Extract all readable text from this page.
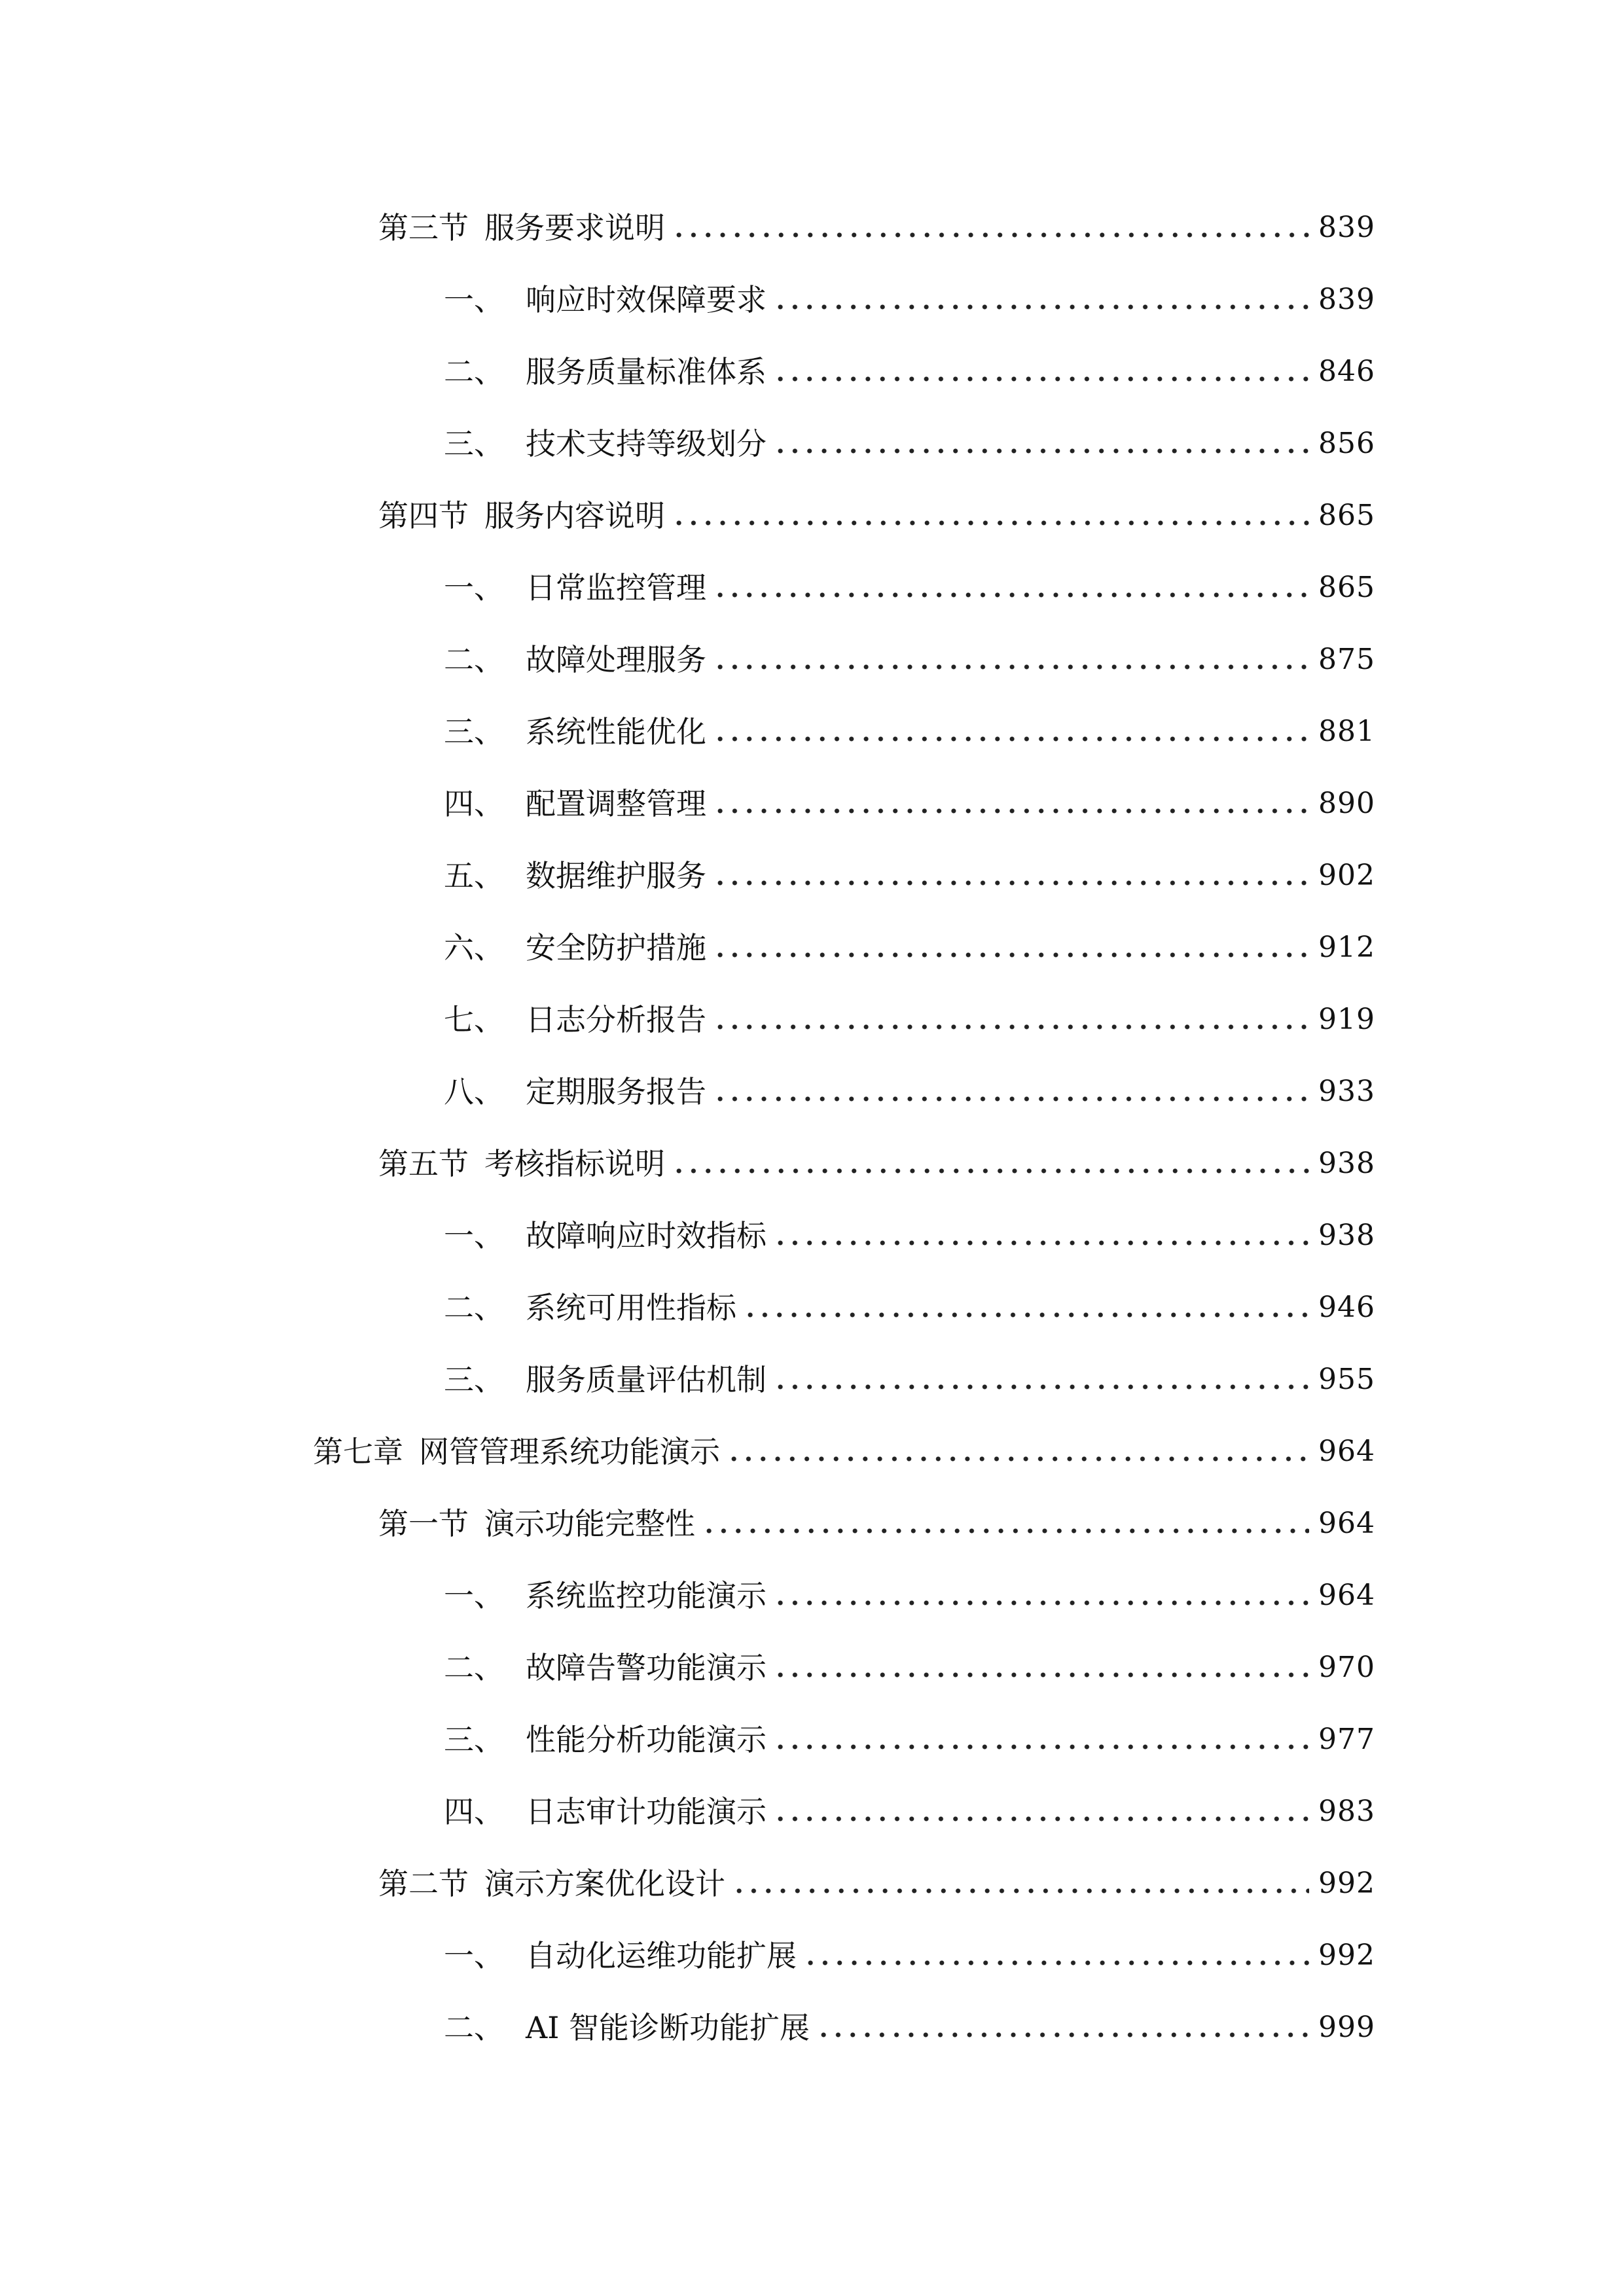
第三节 服务要求说明	839
一、 响应时效保障要求	839
二、 服务质量标准体系	846
三、 技术支持等级划分	856
第四节 服务内容说明	865
一、 日常监控管理	865
二、 故障处理服务	875
三、 系统性能优化	881
四、 配置调整管理	890
五、 数据维护服务	902
六、 安全防护措施	912
七、 日志分析报告	919
八、 定期服务报告	933
第五节 考核指标说明	938
一、 故障响应时效指标	938
二、 系统可用性指标	946
三、 服务质量评估机制	955
第七章 网管管理系统功能演示	964
第一节 演示功能完整性	964
一、 系统监控功能演示	964
二、 故障告警功能演示	970
三、 性能分析功能演示	977
四、 日志审计功能演示	983
第二节 演示方案优化设计	992
一、 自动化运维功能扩展	992
二、 AI 智能诊断功能扩展	999
